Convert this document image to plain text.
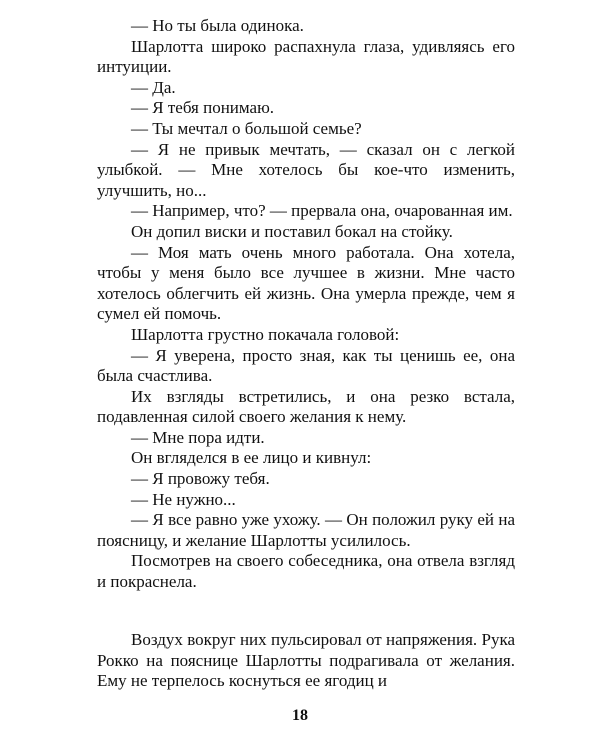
— Но ты была одинока.

Шарлотта широко распахнула глаза, удивляясь его интуиции.

— Да.

— Я тебя понимаю.

— Ты мечтал о большой семье?

— Я не привык мечтать, — сказал он с легкой улыбкой. — Мне хотелось бы кое-что изменить, улучшить, но...

— Например, что? — прервала она, очарованная им.

Он допил виски и поставил бокал на стойку.

— Моя мать очень много работала. Она хотела, чтобы у меня было все лучшее в жизни. Мне часто хотелось облегчить ей жизнь. Она умерла прежде, чем я сумел ей помочь.

Шарлотта грустно покачала головой:

— Я уверена, просто зная, как ты ценишь ее, она была счастлива.

Их взгляды встретились, и она резко встала, подавленная силой своего желания к нему.

— Мне пора идти.

Он вгляделся в ее лицо и кивнул:

— Я провожу тебя.

— Не нужно...

— Я все равно уже ухожу. — Он положил руку ей на поясницу, и желание Шарлотты усилилось.

Посмотрев на своего собеседника, она отвела взгляд и покраснела.

Воздух вокруг них пульсировал от напряжения. Рука Рокко на пояснице Шарлотты подрагивала от желания. Ему не терпелось коснуться ее ягодиц и

18
